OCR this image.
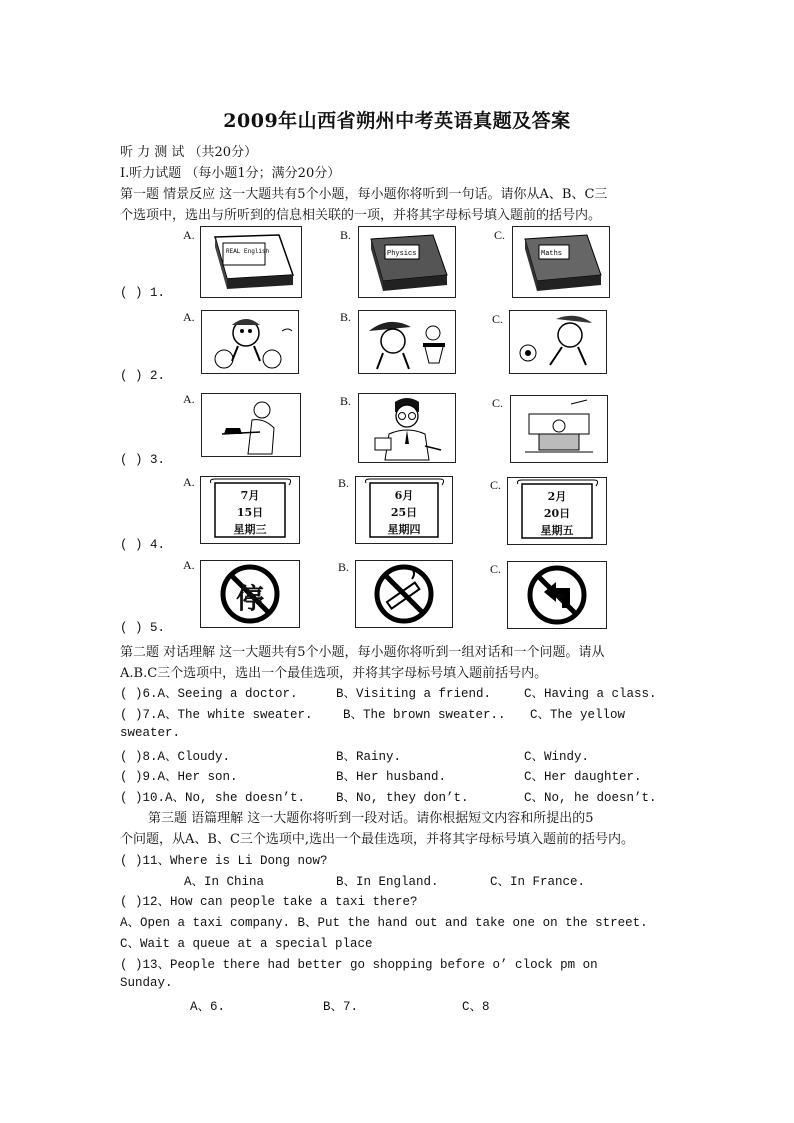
2009年山西省朔州中考英语真题及答案
听 力 测 试 （共20分）
Ⅰ.听力试题 （每小题1分；满分20分）
第一题 情景反应 这一大题共有5个小题，每小题你将听到一句话。请你从A、B、C三
个选项中，选出与所听到的信息相关联的一项，并将其字母标号填入题前的括号内。
A.	B.	C.
REAL English	Physics	Maths
( ) 1.
A.	B.	C.
( ) 2.
A.	B.	C.
( ) 3.
A.	B.	C.
7月
15日
星期三
6月
25日
星期四
2月
20日
星期五
( ) 4.
A.	B.	C.
停
( ) 5.
第二题 对话理解 这一大题共有5个小题，每小题你将听到一组对话和一个问题。请从
A.B.C三个选项中，选出一个最佳选项，并将其字母标号填入题前括号内。
( )6.A、Seeing a doctor.	B、Visiting a friend.	C、Having a class.
( )7.A、The white sweater. B、The brown sweater.. C、The yellow
sweater.
( )8.A、Cloudy.	B、Rainy.	C、Windy.
( )9.A、Her son.	B、Her husband.	C、Her daughter.
( )10.A、No, she doesn’t. B、No, they don’t.	C、No, he doesn’t.
第三题 语篇理解 这一大题你将听到一段对话。请你根据短文内容和所提出的5
个问题，从A、B、C三个选项中,选出一个最佳选项，并将其字母标号填入题前的括号内。
( )11、Where is Li Dong now?
A、In China	B、In England.	C、In France.
( )12、How can people take a taxi there?
A、Open a taxi company. B、Put the hand out and take one on the street.
C、Wait a queue at a special place
( )13、People there had better go shopping before o’ clock pm on
Sunday.
A、6.	B、7.	C、8
